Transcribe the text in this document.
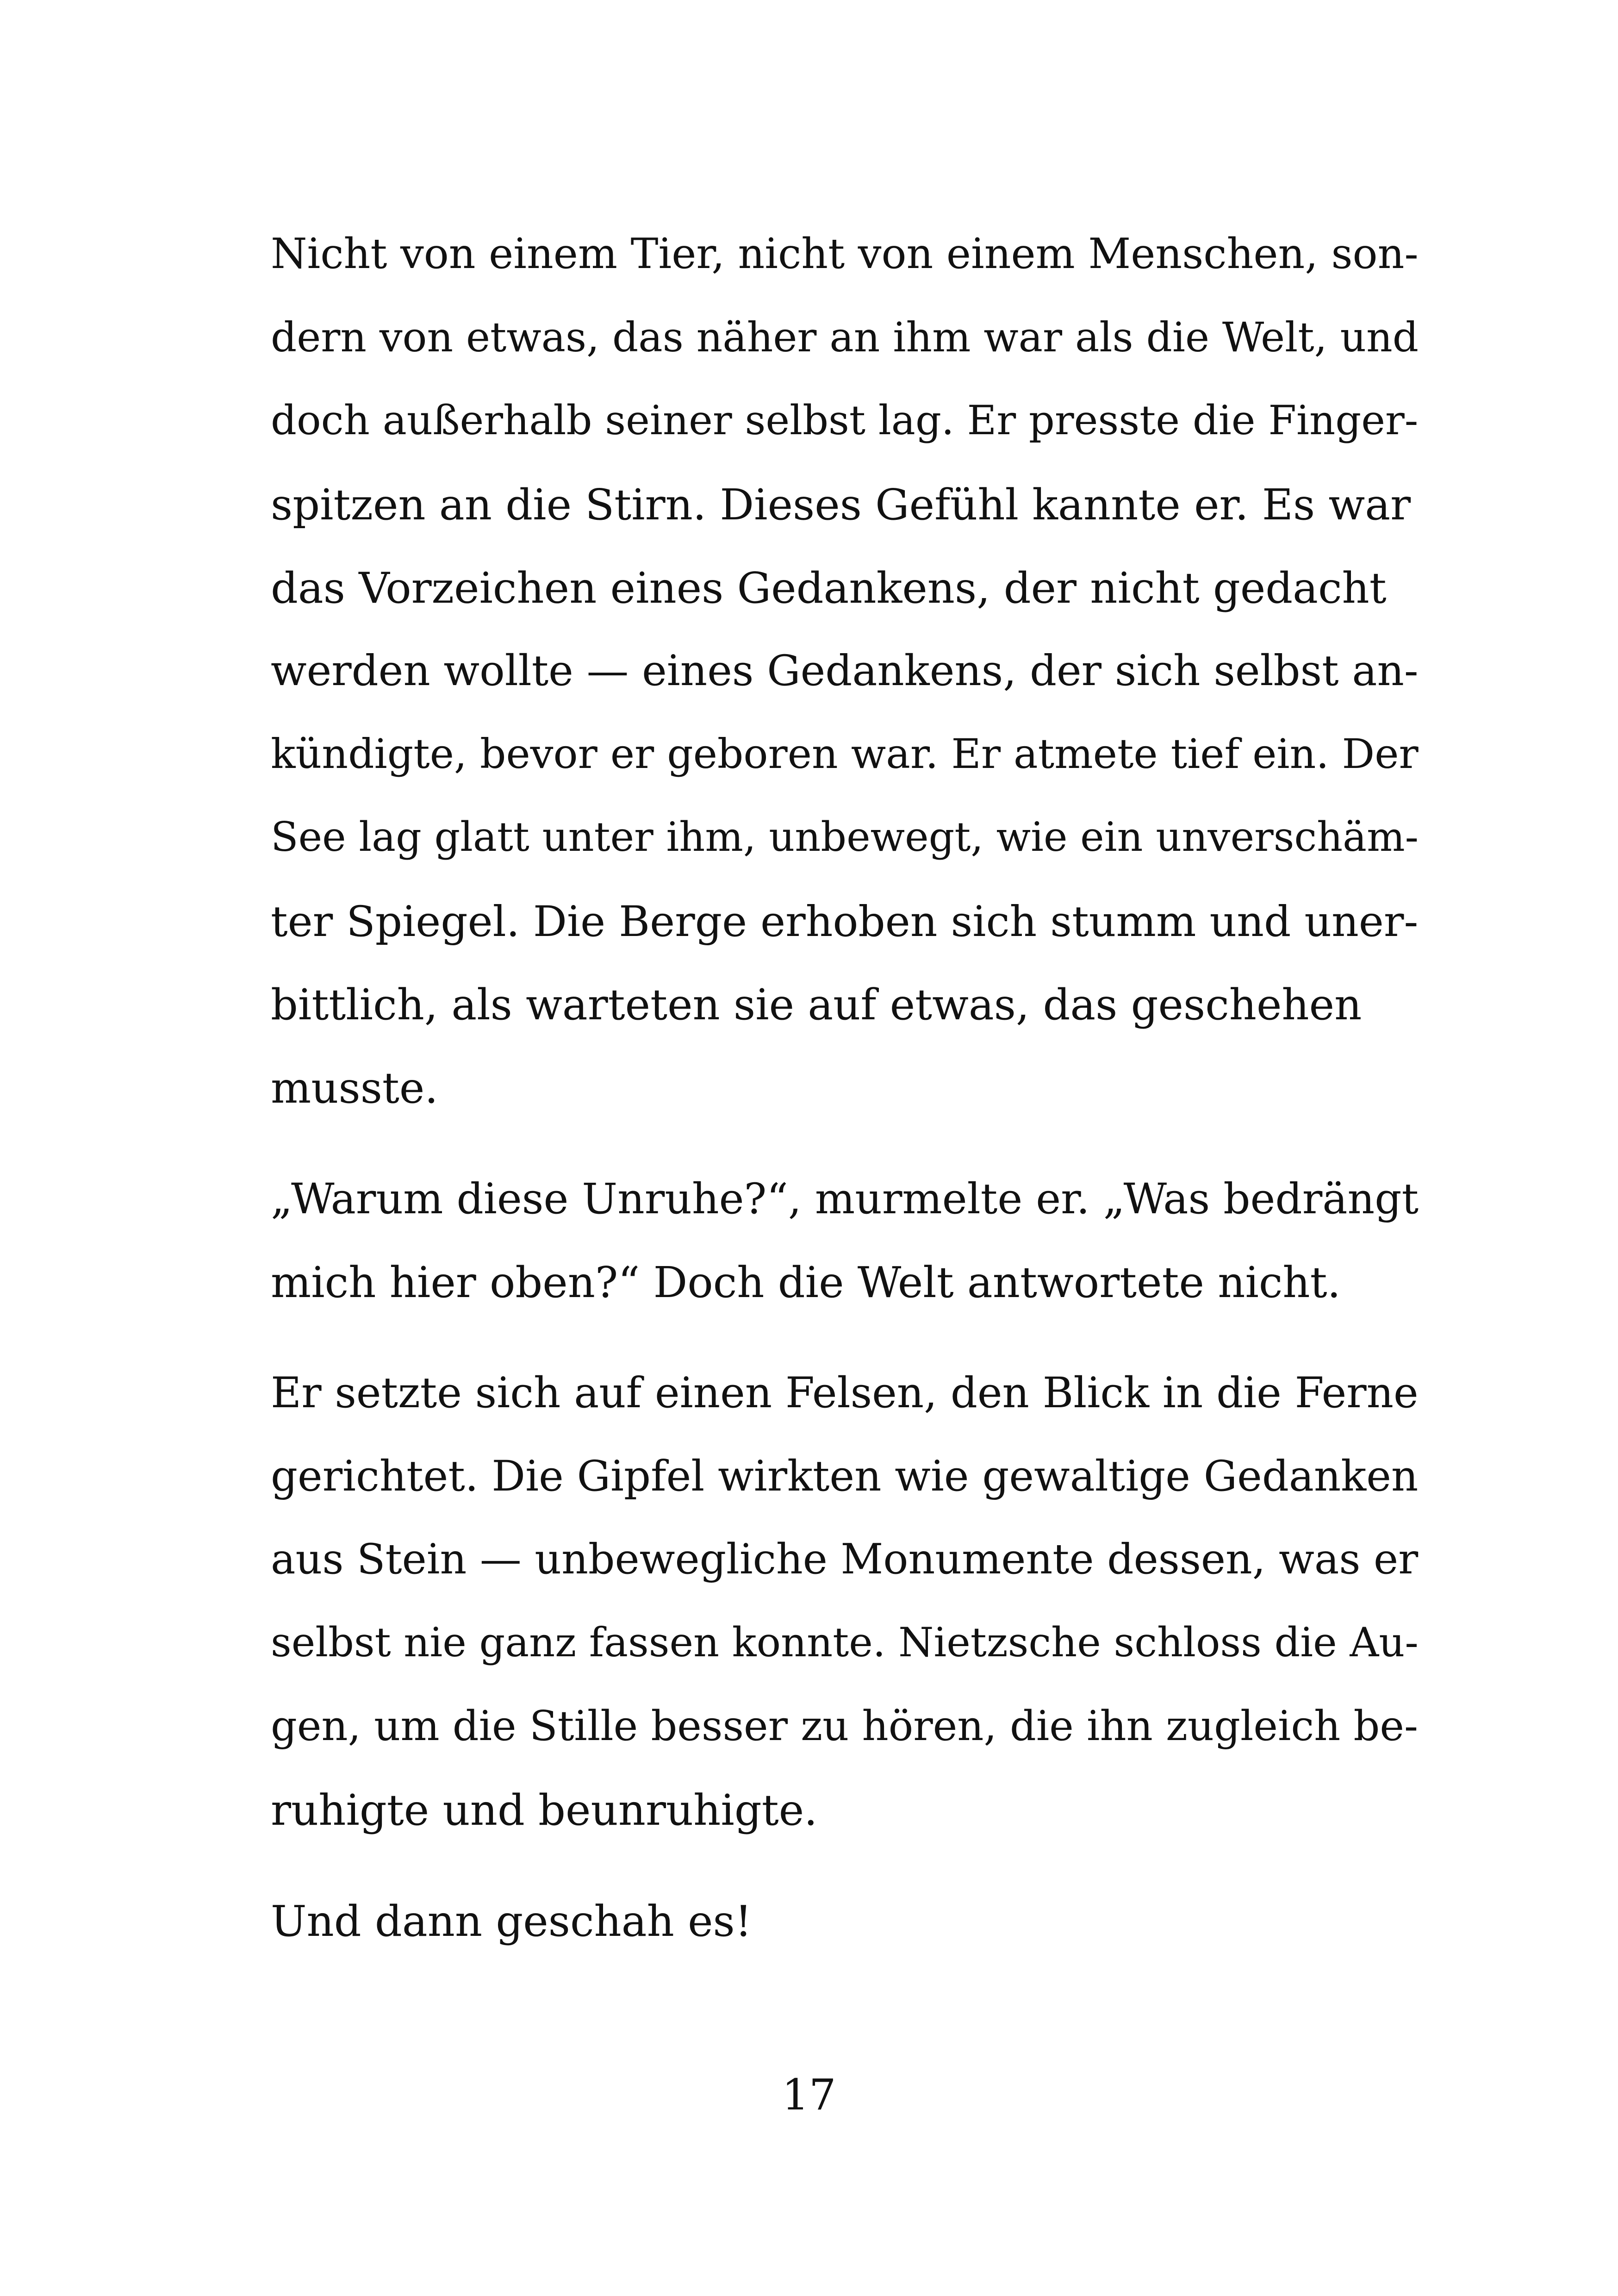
Nicht von einem Tier, nicht von einem Menschen, son-
dern von etwas, das näher an ihm war als die Welt, und
doch außerhalb seiner selbst lag. Er presste die Finger-
spitzen an die Stirn. Dieses Gefühl kannte er. Es war
das Vorzeichen eines Gedankens, der nicht gedacht
werden wollte — eines Gedankens, der sich selbst an-
kündigte, bevor er geboren war. Er atmete tief ein. Der
See lag glatt unter ihm, unbewegt, wie ein unverschäm-
ter Spiegel. Die Berge erhoben sich stumm und uner-
bittlich, als warteten sie auf etwas, das geschehen
musste.
„Warum diese Unruhe?“, murmelte er. „Was bedrängt
mich hier oben?“ Doch die Welt antwortete nicht.
Er setzte sich auf einen Felsen, den Blick in die Ferne
gerichtet. Die Gipfel wirkten wie gewaltige Gedanken
aus Stein — unbewegliche Monumente dessen, was er
selbst nie ganz fassen konnte. Nietzsche schloss die Au-
gen, um die Stille besser zu hören, die ihn zugleich be-
ruhigte und beunruhigte.
Und dann geschah es!
17
